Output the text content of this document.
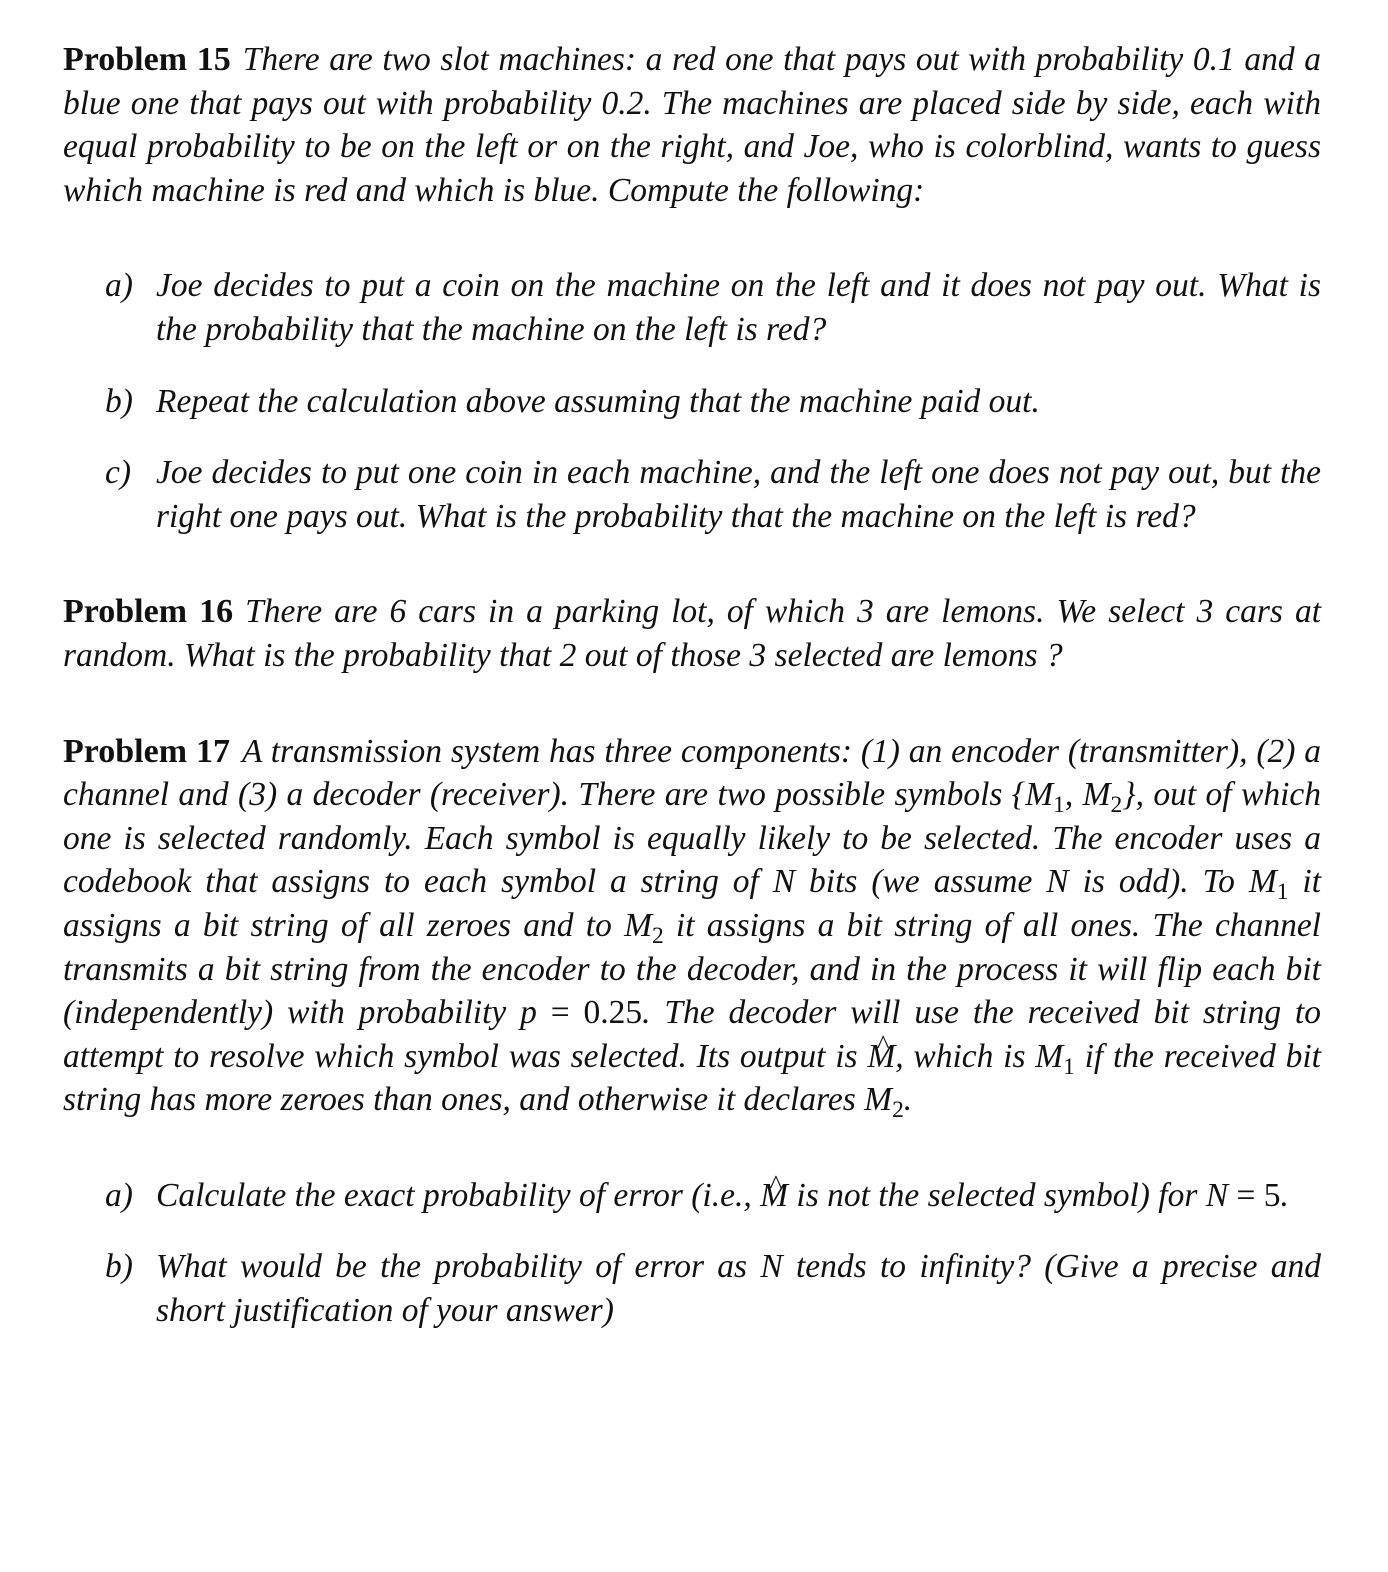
Problem 15 There are two slot machines: a red one that pays out with probability 0.1 and a blue one that pays out with probability 0.2. The machines are placed side by side, each with equal probability to be on the left or on the right, and Joe, who is colorblind, wants to guess which machine is red and which is blue. Compute the following:

a) Joe decides to put a coin on the machine on the left and it does not pay out. What is the probability that the machine on the left is red?
b) Repeat the calculation above assuming that the machine paid out.
c) Joe decides to put one coin in each machine, and the left one does not pay out, but the right one pays out. What is the probability that the machine on the left is red?

Problem 16 There are 6 cars in a parking lot, of which 3 are lemons. We select 3 cars at random. What is the probability that 2 out of those 3 selected are lemons ?

Problem 17 A transmission system has three components: (1) an encoder (transmitter), (2) a channel and (3) a decoder (receiver). There are two possible symbols {$M_1$, $M_2$}, out of which one is selected randomly. Each symbol is equally likely to be selected. The encoder uses a codebook that assigns to each symbol a string of N bits (we assume N is odd). To $M_1$ it assigns a bit string of all zeroes and to $M_2$ it assigns a bit string of all ones. The channel transmits a bit string from the encoder to the decoder, and in the process it will flip each bit (independently) with probability p = 0.25. The decoder will use the received bit string to attempt to resolve which symbol was selected. Its output is ^ M, which is $M_1$ if the received bit string has more zeroes than ones, and otherwise it declares $M_2$.

a) Calculate the exact probability of error (i.e., ^ M is not the selected symbol) for N = 5.
b) What would be the probability of error as N tends to infinity? (Give a precise and short justification of your answer)
